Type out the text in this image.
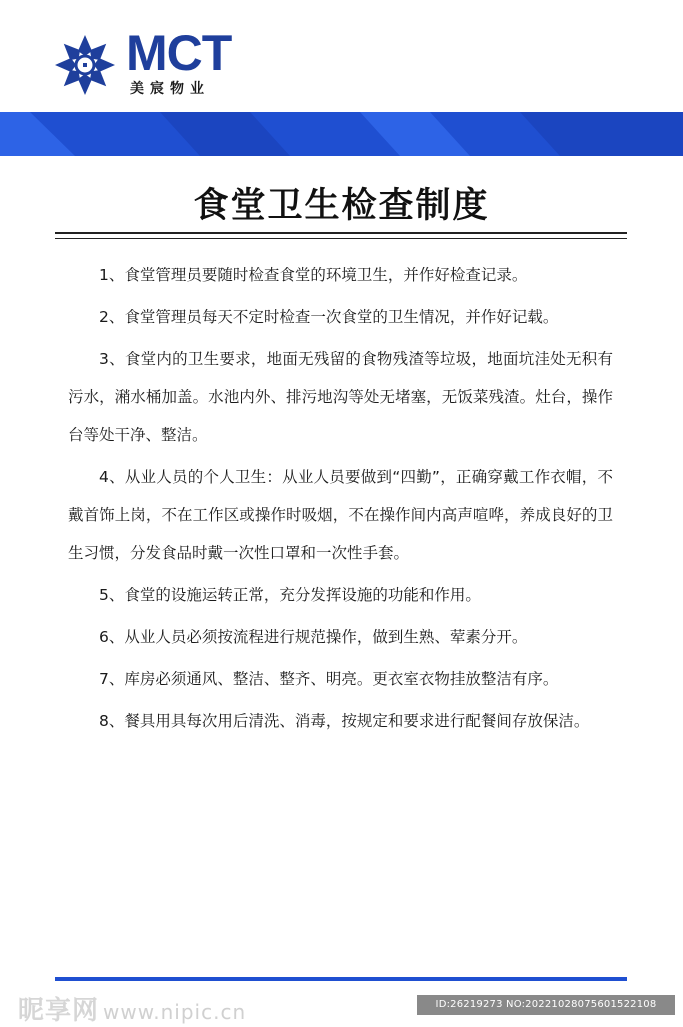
MCT
美宸物业
食堂卫生检查制度

1、食堂管理员要随时检查食堂的环境卫生，并作好检查记录。

2、食堂管理员每天不定时检查一次食堂的卫生情况，并作好记载。

3、食堂内的卫生要求，地面无残留的食物残渣等垃圾，地面坑洼处无积有污水，潲水桶加盖。水池内外、排污地沟等处无堵塞，无饭菜残渣。灶台，操作台等处干净、整洁。

4、从业人员的个人卫生：从业人员要做到“四勤”，正确穿戴工作衣帽，不戴首饰上岗，不在工作区或操作时吸烟，不在操作间内高声喧哗，养成良好的卫生习惯，分发食品时戴一次性口罩和一次性手套。

5、食堂的设施运转正常，充分发挥设施的功能和作用。

6、从业人员必须按流程进行规范操作，做到生熟、荤素分开。

7、库房必须通风、整洁、整齐、明亮。更衣室衣物挂放整洁有序。

8、餐具用具每次用后清洗、消毒，按规定和要求进行配餐间存放保洁。

昵享网 www.nipic.cn	ID:26219273 NO:20221028075601522108
